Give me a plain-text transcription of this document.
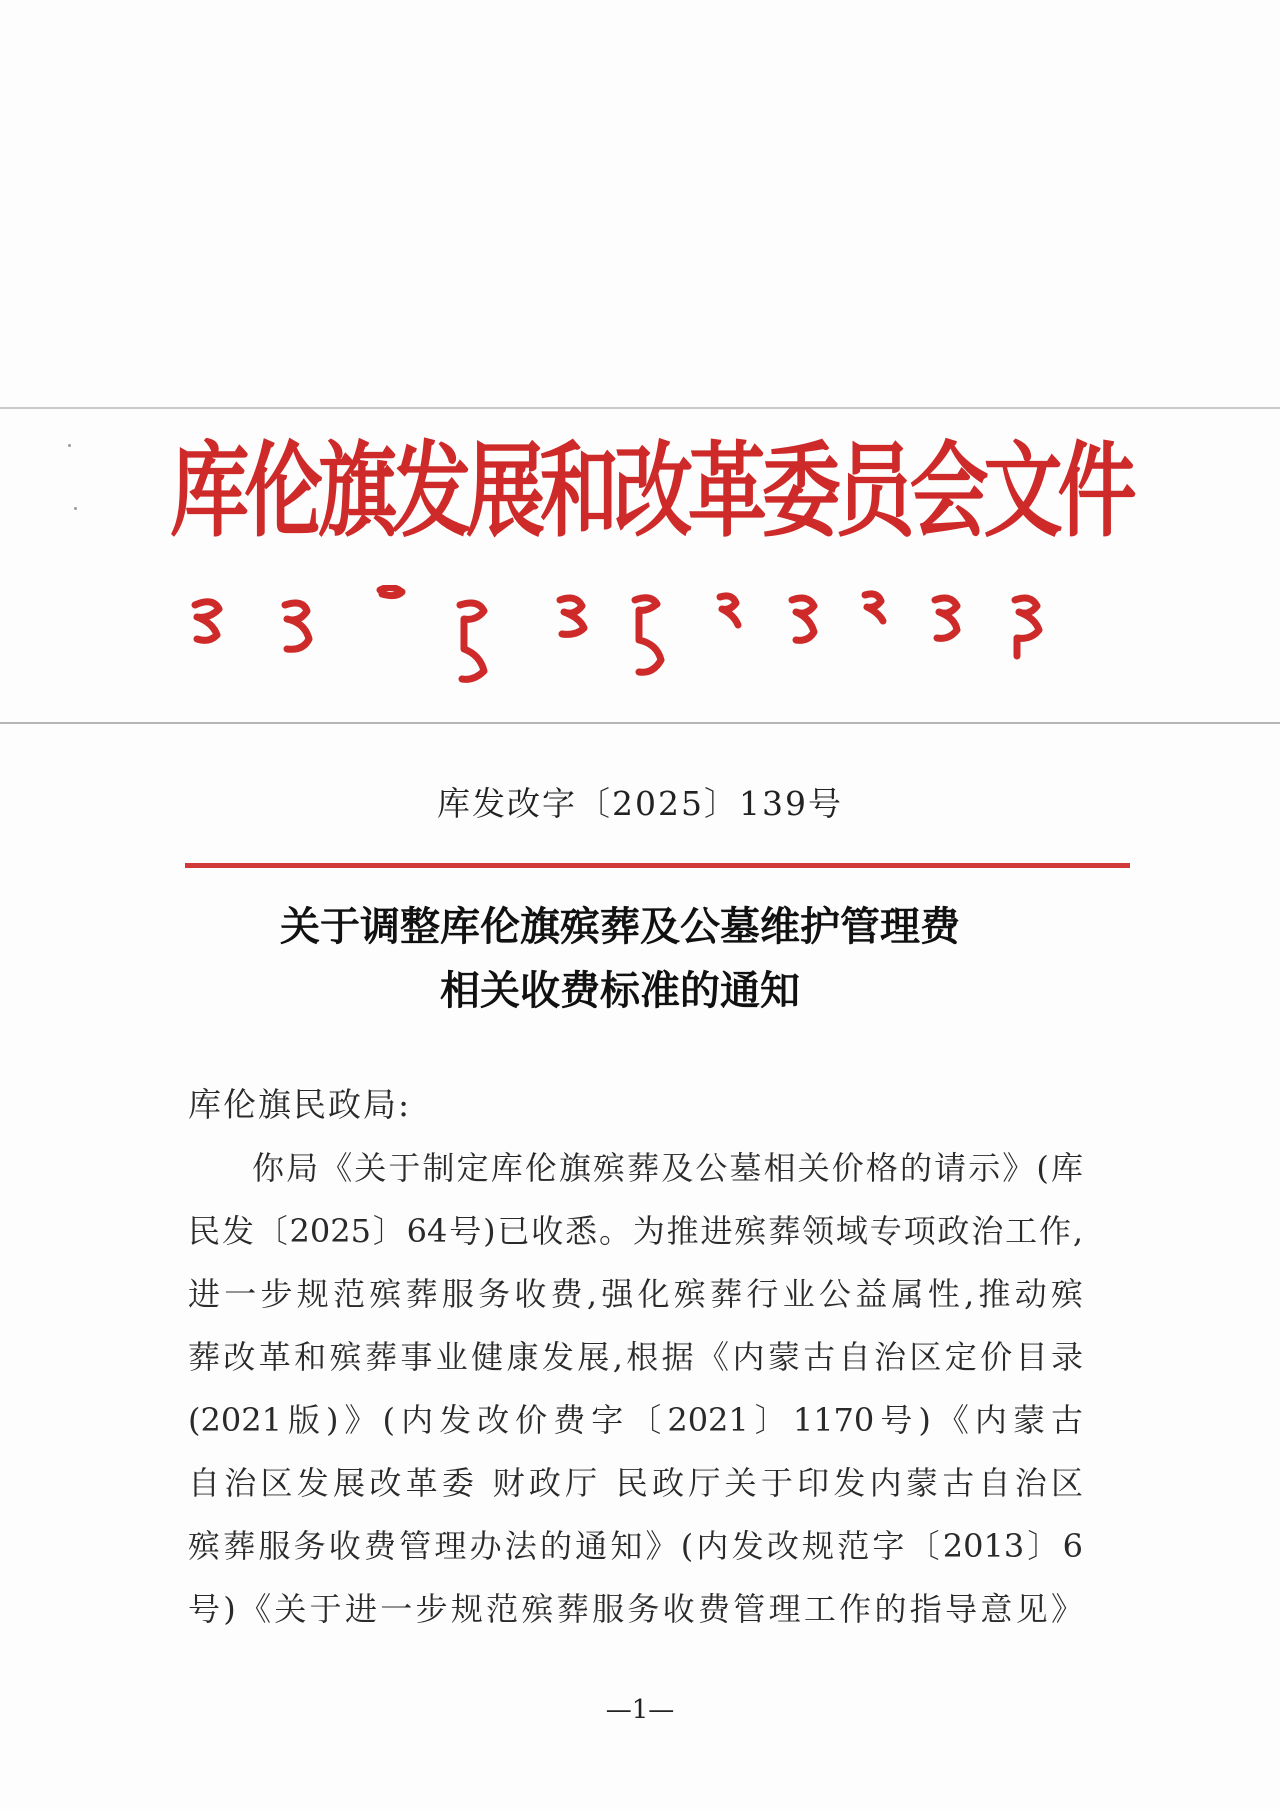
库伦旗发展和改革委员会文件
库发改字〔2025〕139号
关于调整库伦旗殡葬及公墓维护管理费
相关收费标准的通知
库伦旗民政局:
你局《关于制定库伦旗殡葬及公墓相关价格的请示》(库
民发〔2025〕64号)已收悉。为推进殡葬领域专项政治工作,
进一步规范殡葬服务收费,强化殡葬行业公益属性,推动殡
葬改革和殡葬事业健康发展,根据《内蒙古自治区定价目录
(2021版)》(内发改价费字〔2021〕1170号)《内蒙古
自治区发展改革委 财政厅 民政厅关于印发内蒙古自治区
殡葬服务收费管理办法的通知》(内发改规范字〔2013〕6
号)《关于进一步规范殡葬服务收费管理工作的指导意见》
—1—
